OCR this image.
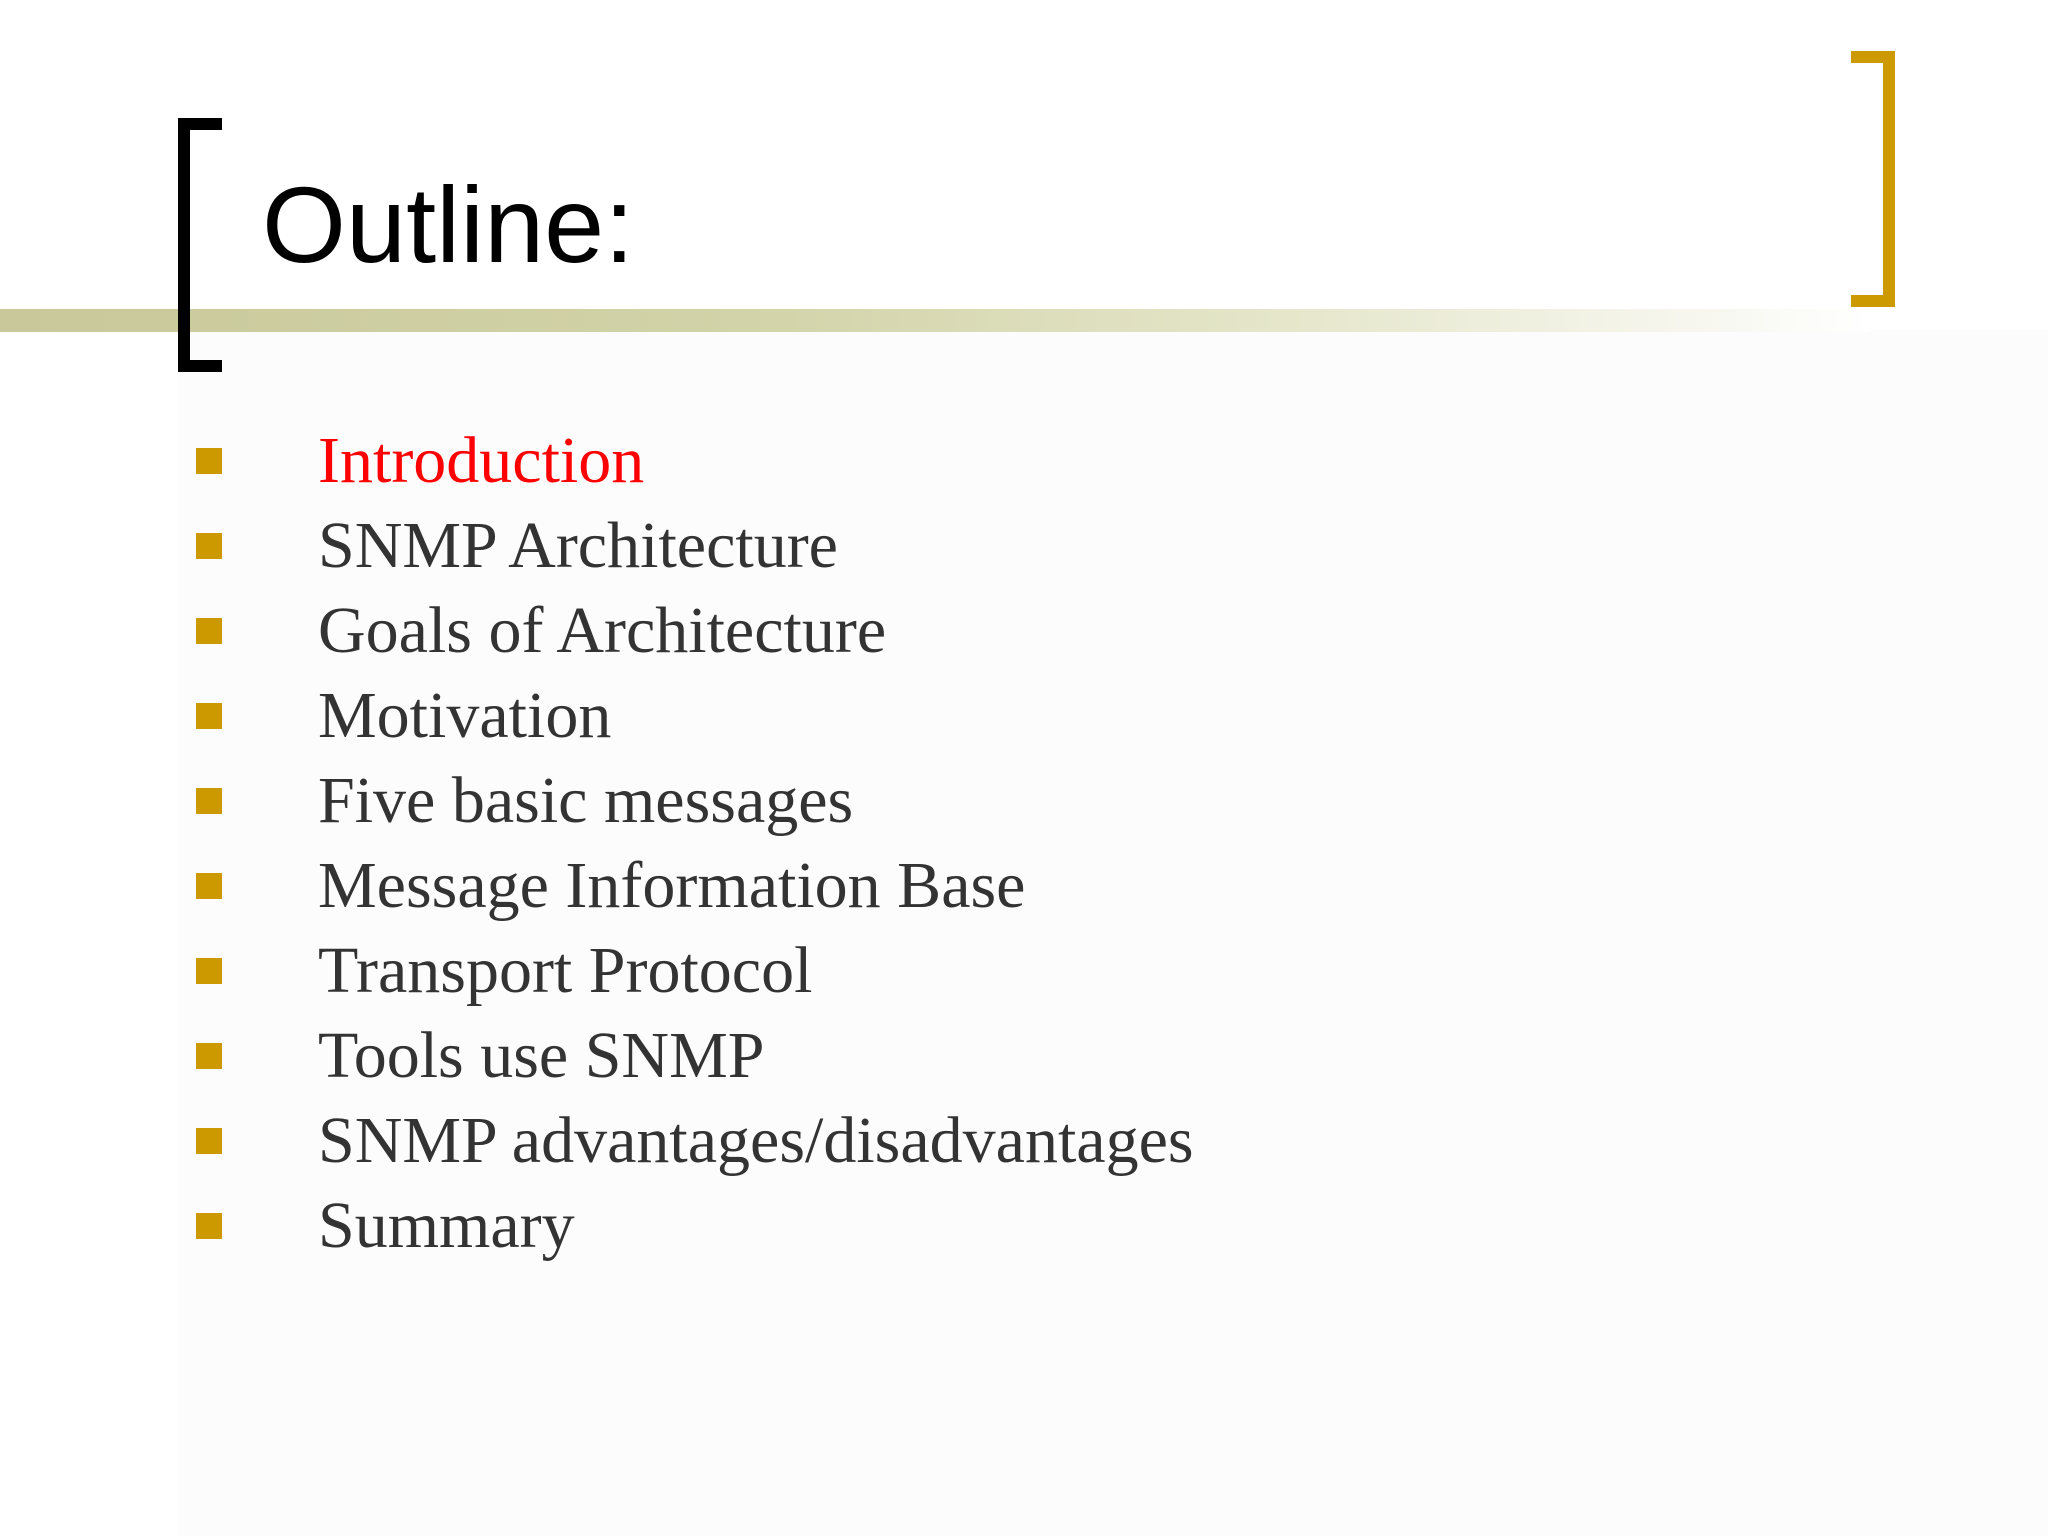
Outline:
Introduction
SNMP Architecture
Goals of Architecture
Motivation
Five basic messages
Message Information Base
Transport Protocol
Tools use SNMP
SNMP advantages/disadvantages
Summary
